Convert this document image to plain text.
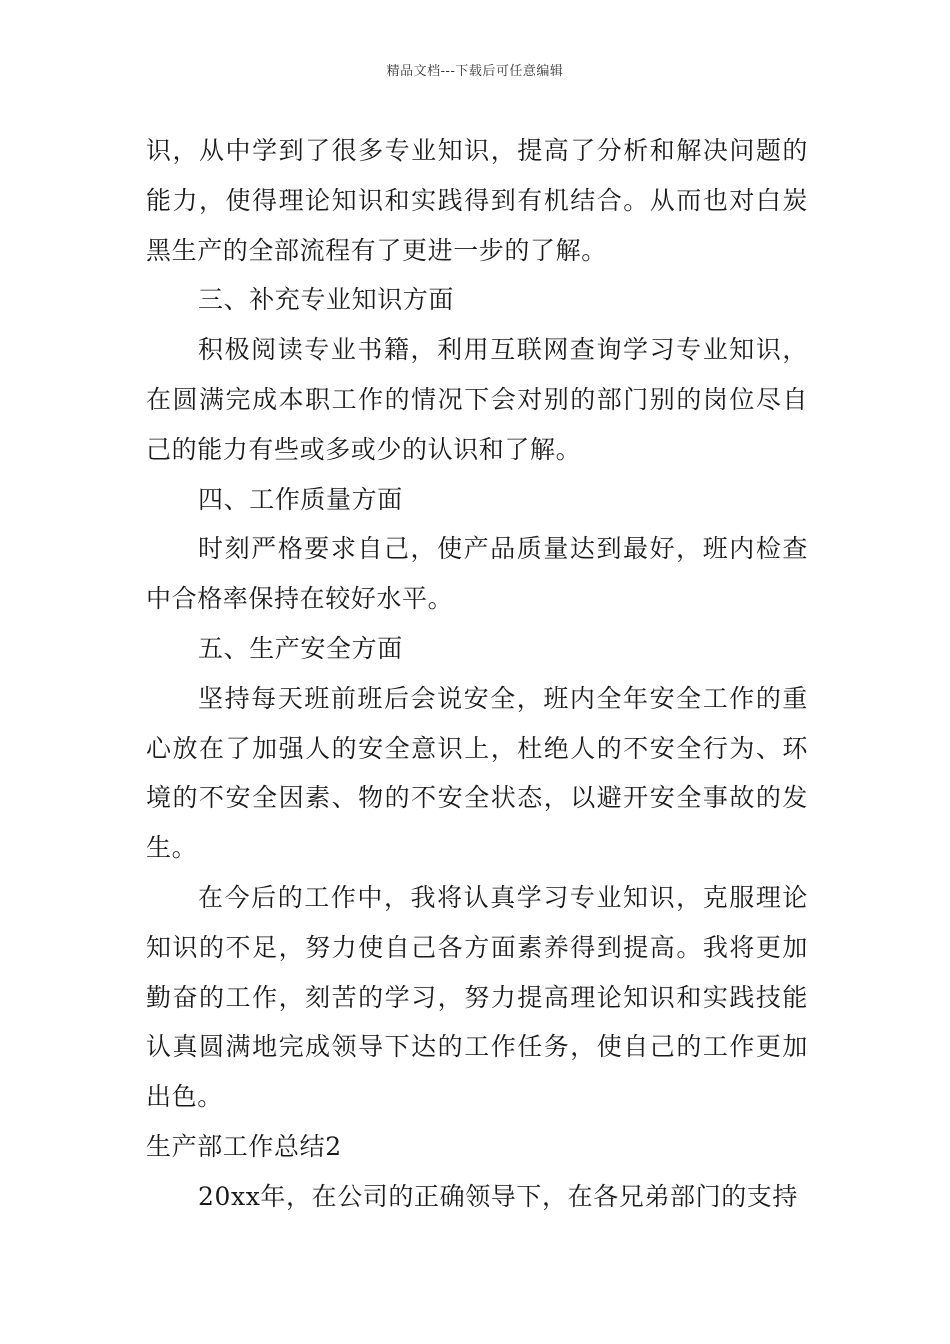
精品文档---下载后可任意编辑

识，从中学到了很多专业知识，提高了分析和解决问题的能力，使得理论知识和实践得到有机结合。从而也对白炭黑生产的全部流程有了更进一步的了解。

三、补充专业知识方面

积极阅读专业书籍，利用互联网查询学习专业知识，在圆满完成本职工作的情况下会对别的部门别的岗位尽自己的能力有些或多或少的认识和了解。

四、工作质量方面

时刻严格要求自己，使产品质量达到最好，班内检查中合格率保持在较好水平。

五、生产安全方面

坚持每天班前班后会说安全，班内全年安全工作的重心放在了加强人的安全意识上，杜绝人的不安全行为、环境的不安全因素、物的不安全状态，以避开安全事故的发生。

在今后的工作中，我将认真学习专业知识，克服理论知识的不足，努力使自己各方面素养得到提高。我将更加勤奋的工作，刻苦的学习，努力提高理论知识和实践技能认真圆满地完成领导下达的工作任务，使自己的工作更加出色。

生产部工作总结2

20xx年，在公司的正确领导下，在各兄弟部门的支持
